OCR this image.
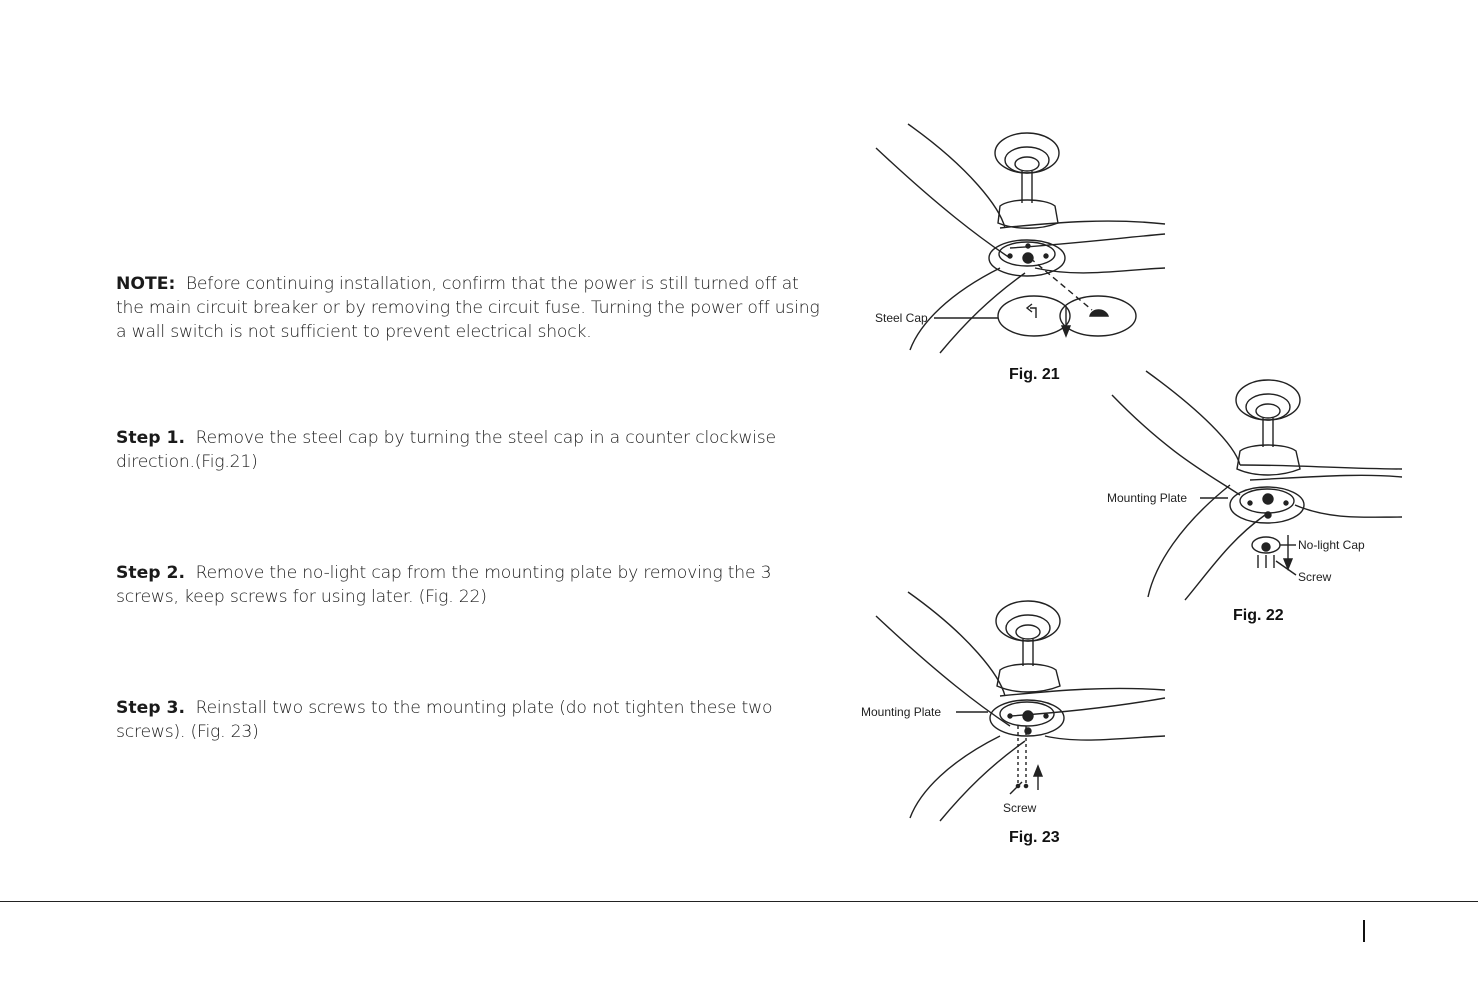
NOTE: Before continuing installation, confirm that the power is still turned off at the main circuit breaker or by removing the circuit fuse. Turning the power off using a wall switch is not sufficient to prevent electrical shock.

Step 1. Remove the steel cap by turning the steel cap in a counter clockwise direction.(Fig.21)

Step 2. Remove the no-light cap from the mounting plate by removing the 3 screws, keep screws for using later. (Fig. 22)

Step 3. Reinstall two screws to the mounting plate (do not tighten these two screws). (Fig. 23)

Steel Cap
Fig. 21
Mounting Plate
No-light Cap
Screw
Fig. 22
Mounting Plate
Screw
Fig. 23
